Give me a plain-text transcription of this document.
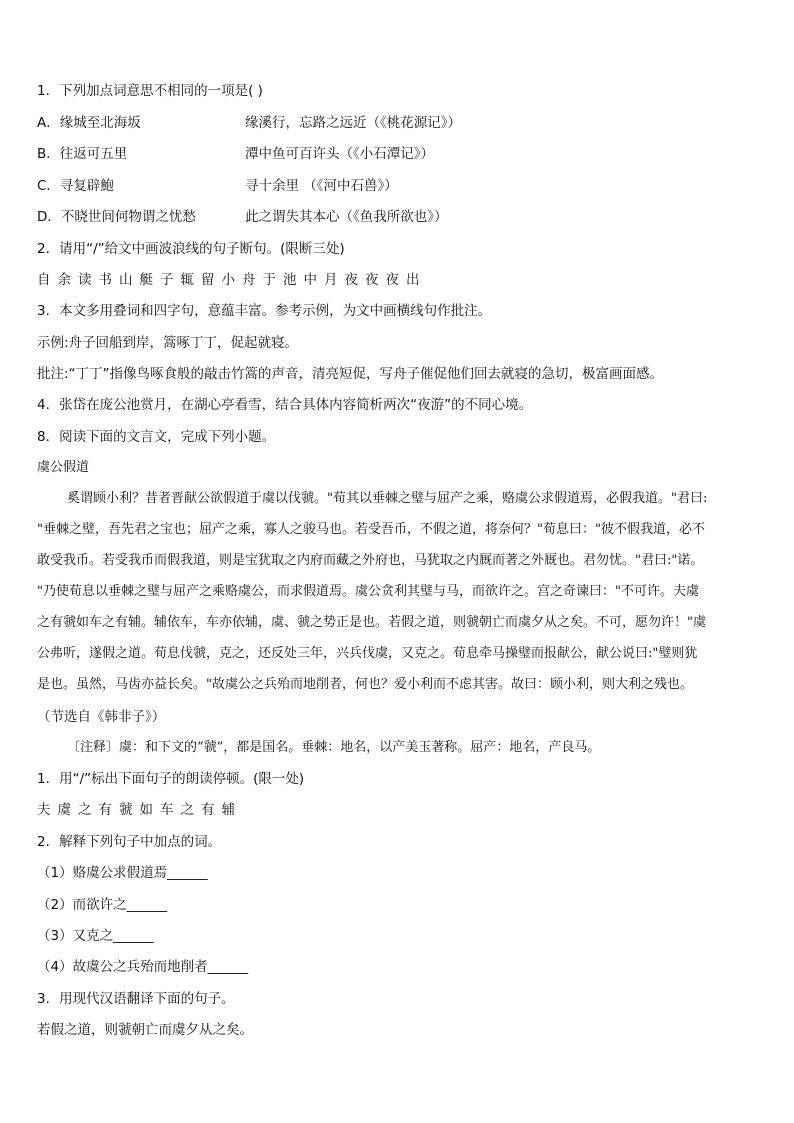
1．下列加点词意思不相同的一项是( )
A．缘城至北海坂	缘溪行，忘路之远近（《桃花源记》）
B．往返可五里	潭中鱼可百许头（《小石潭记》）
C．寻复辟鮑	寻十余里 （《河中石兽》）
D．不晓世间何物谓之忧愁	此之谓失其本心（《鱼我所欲也》）
2．请用“/”给文中画波浪线的句子断句。(限断三处)
自余读书山艇子辄留小舟于池中月夜夜夜出
3．本文多用叠词和四字句，意蕴丰富。参考示例，为文中画横线句作批注。
示例:舟子回船到岸，篙啄丁丁，促起就寝。
批注:“丁丁”指像鸟啄食般的敲击竹篙的声音，清亮短促，写舟子催促他们回去就寝的急切，极富画面感。
4．张岱在庞公池赏月，在湖心亭看雪，结合具体内容简析两次“夜游”的不同心境。
8．阅读下面的文言文，完成下列小题。
虞公假道
奚谓顾小利？昔者晋献公欲假道于虞以伐虢。"荀其以垂棘之璧与屈产之乘，赂虞公求假道焉，必假我道。"君曰:
"垂棘之璧，吾先君之宝也；屈产之乘，寡人之骏马也。若受吾币，不假之道，将奈何？"荀息曰："彼不假我道，必不
敢受我币。若受我币而假我道，则是宝犹取之内府而藏之外府也，马犹取之内厩而著之外厩也。君勿忧。"君曰:"诺。
"乃使荀息以垂棘之璧与屈产之乘赂虞公，而求假道焉。虞公贪利其璧与马，而欲许之。宫之奇谏曰："不可许。夫虞
之有虢如车之有辅。辅依车，车亦依辅，虞、虢之势正是也。若假之道，则虢朝亡而虞夕从之矣。不可，愿勿许！"虞
公弗听，遂假之道。荀息伐虢，克之，还反处三年，兴兵伐虞，又克之。荀息牵马操璧而报献公，献公说曰:"璧则犹
是也。虽然，马齿亦益长矣。"故虞公之兵殆而地削者，何也？爱小利而不虑其害。故曰：顾小利，则大利之残也。
（节选自《韩非子》）
〔注释〕虞：和下文的“虢”，都是国名。垂棘：地名，以产美玉著称。屈产：地名，产良马。
1．用“/”标出下面句子的朗读停顿。(限一处)
夫虞之有虢如车之有辅
2．解释下列句子中加点的词。
（1）赂虞公求假道焉______
（2）而欲许之______
（3）又克之______
（4）故虞公之兵殆而地削者______
3．用现代汉语翻译下面的句子。
若假之道，则虢朝亡而虞夕从之矣。
